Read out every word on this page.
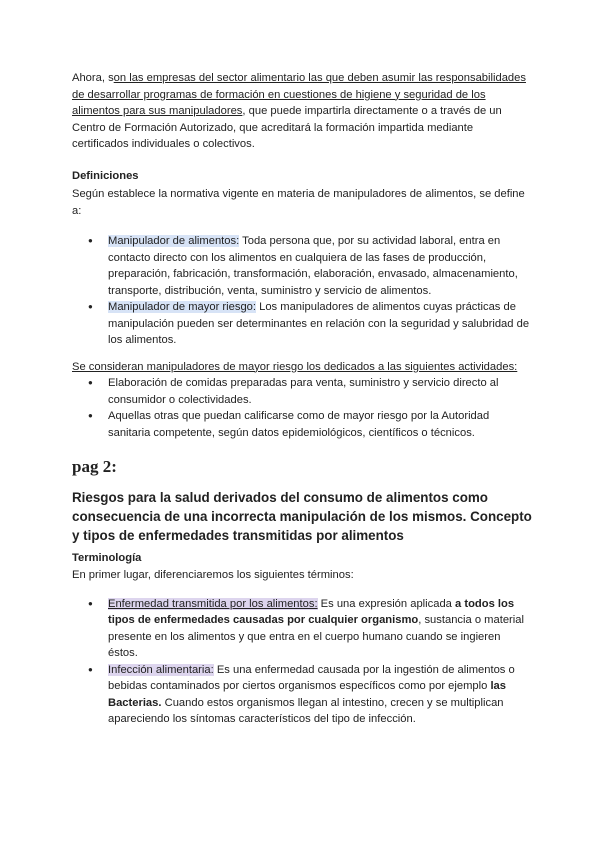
Ahora, son las empresas del sector alimentario las que deben asumir las responsabilidades de desarrollar programas de formación en cuestiones de higiene y seguridad de los alimentos para sus manipuladores, que puede impartirla directamente o a través de un Centro de Formación Autorizado, que acreditará la formación impartida mediante certificados individuales o colectivos.

Definiciones

Según establece la normativa vigente en materia de manipuladores de alimentos, se define a:

● Manipulador de alimentos: Toda persona que, por su actividad laboral, entra en contacto directo con los alimentos en cualquiera de las fases de producción, preparación, fabricación, transformación, elaboración, envasado, almacenamiento, transporte, distribución, venta, suministro y servicio de alimentos.
● Manipulador de mayor riesgo: Los manipuladores de alimentos cuyas prácticas de manipulación pueden ser determinantes en relación con la seguridad y salubridad de los alimentos.

Se consideran manipuladores de mayor riesgo los dedicados a las siguientes actividades:

● Elaboración de comidas preparadas para venta, suministro y servicio directo al consumidor o colectividades.
● Aquellas otras que puedan calificarse como de mayor riesgo por la Autoridad sanitaria competente, según datos epidemiológicos, científicos o técnicos.

pag 2:

Riesgos para la salud derivados del consumo de alimentos como consecuencia de una incorrecta manipulación de los mismos. Concepto y tipos de enfermedades transmitidas por alimentos

Terminología

En primer lugar, diferenciaremos los siguientes términos:

● Enfermedad transmitida por los alimentos: Es una expresión aplicada a todos los tipos de enfermedades causadas por cualquier organismo, sustancia o material presente en los alimentos y que entra en el cuerpo humano cuando se ingieren éstos.
● Infección alimentaria: Es una enfermedad causada por la ingestión de alimentos o bebidas contaminados por ciertos organismos específicos como por ejemplo las Bacterias. Cuando estos organismos llegan al intestino, crecen y se multiplican apareciendo los síntomas característicos del tipo de infección.
